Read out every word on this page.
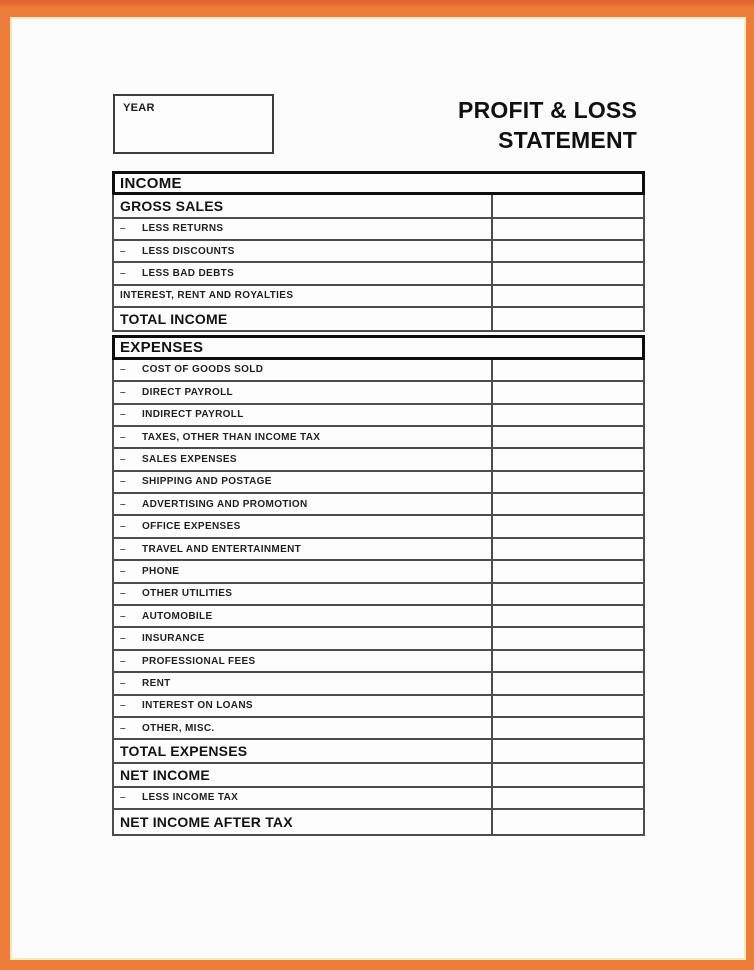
YEAR	PROFIT & LOSS
STATEMENT
INCOME
GROSS SALES
–	LESS RETURNS
–	LESS DISCOUNTS
–	LESS BAD DEBTS
INTEREST, RENT AND ROYALTIES
TOTAL INCOME
EXPENSES
–	COST OF GOODS SOLD
–	DIRECT PAYROLL
–	INDIRECT PAYROLL
–	TAXES, OTHER THAN INCOME TAX
–	SALES EXPENSES
–	SHIPPING AND POSTAGE
–	ADVERTISING AND PROMOTION
–	OFFICE EXPENSES
–	TRAVEL AND ENTERTAINMENT
–	PHONE
–	OTHER UTILITIES
–	AUTOMOBILE
–	INSURANCE
–	PROFESSIONAL FEES
–	RENT
–	INTEREST ON LOANS
–	OTHER, MISC.
TOTAL EXPENSES
NET INCOME
–	LESS INCOME TAX
NET INCOME AFTER TAX
